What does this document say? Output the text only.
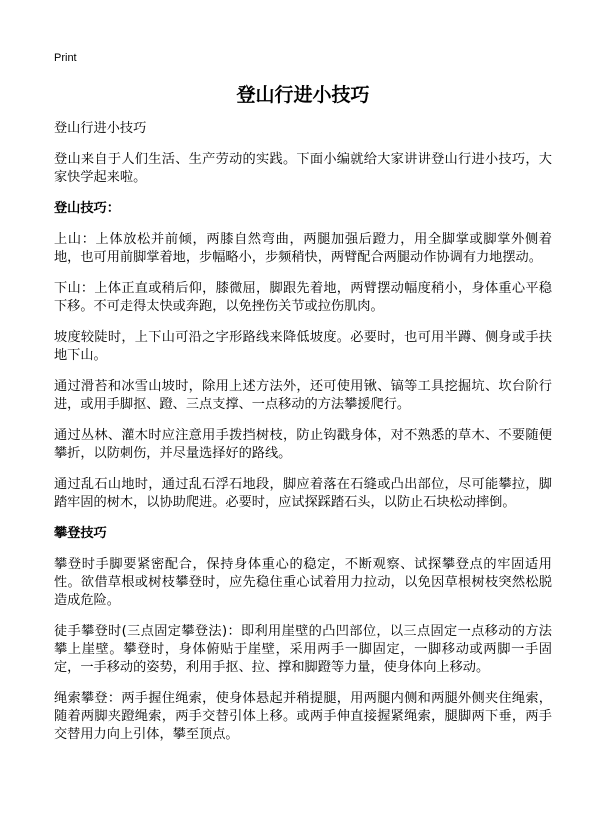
Print
登山行进小技巧
登山行进小技巧
登山来自于人们生活、生产劳动的实践。下面小编就给大家讲讲登山行进小技巧，大家快学起来啦。
登山技巧：
上山：上体放松并前倾，两膝自然弯曲，两腿加强后蹬力，用全脚掌或脚掌外侧着地，也可用前脚掌着地，步幅略小，步频稍快，两臂配合两腿动作协调有力地摆动。
下山：上体正直或稍后仰，膝微屈，脚跟先着地，两臂摆动幅度稍小，身体重心平稳下移。不可走得太快或奔跑，以免挫伤关节或拉伤肌肉。
坡度较陡时，上下山可沿之字形路线来降低坡度。必要时，也可用半蹲、侧身或手扶地下山。
通过滑苔和冰雪山坡时，除用上述方法外，还可使用锹、镐等工具挖掘坑、坎台阶行进，或用手脚抠、蹬、三点支撑、一点移动的方法攀援爬行。
通过丛林、灌木时应注意用手拨挡树枝，防止钩戳身体，对不熟悉的草木、不要随便攀折，以防刺伤，并尽量选择好的路线。
通过乱石山地时，通过乱石浮石地段，脚应着落在石缝或凸出部位，尽可能攀拉，脚踏牢固的树木，以协助爬进。必要时，应试探踩踏石头，以防止石块松动摔倒。
攀登技巧
攀登时手脚要紧密配合，保持身体重心的稳定，不断观察、试探攀登点的牢固适用性。欲借草根或树枝攀登时，应先稳住重心试着用力拉动，以免因草根树枝突然松脱造成危险。
徒手攀登时(三点固定攀登法)：即利用崖壁的凸凹部位，以三点固定一点移动的方法攀上崖壁。攀登时，身体俯贴于崖壁，采用两手一脚固定，一脚移动或两脚一手固定，一手移动的姿势，利用手抠、拉、撑和脚蹬等力量，使身体向上移动。
绳索攀登：两手握住绳索，使身体悬起并稍提腿，用两腿内侧和两腿外侧夹住绳索，随着两脚夹蹬绳索，两手交替引体上移。或两手伸直接握紧绳索，腿脚两下垂，两手交替用力向上引体，攀至顶点。
